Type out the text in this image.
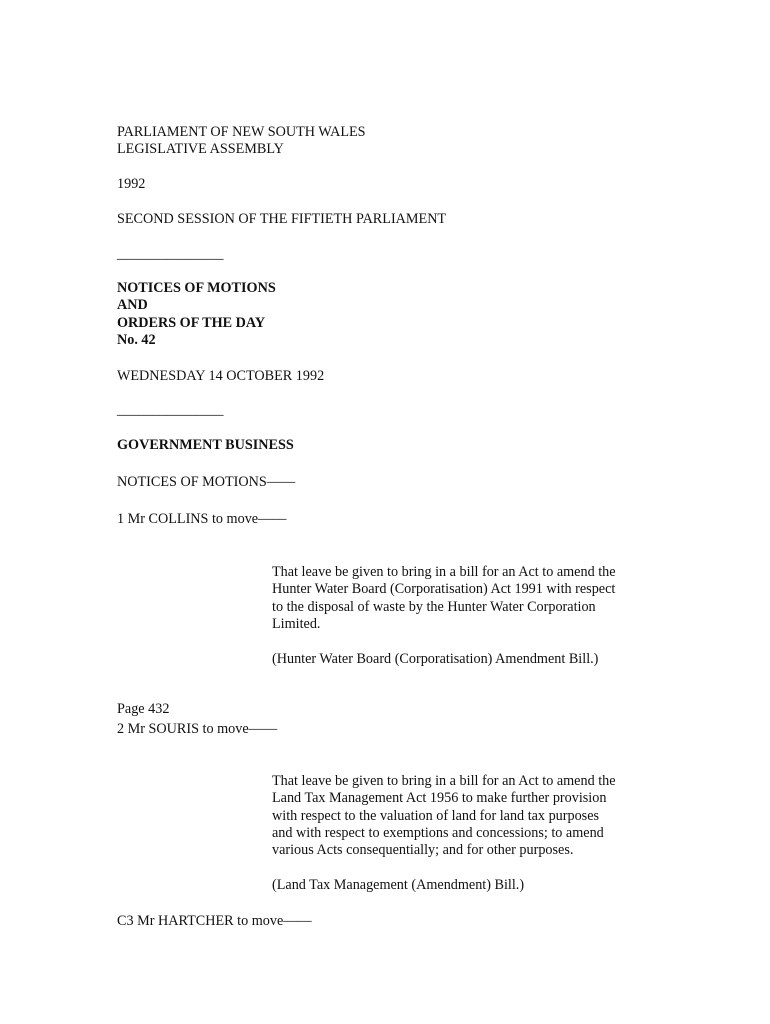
PARLIAMENT OF NEW SOUTH WALES
LEGISLATIVE ASSEMBLY
1992
SECOND SESSION OF THE FIFTIETH PARLIAMENT
_______________
NOTICES OF MOTIONS
AND
ORDERS OF THE DAY
No. 42
WEDNESDAY 14 OCTOBER 1992
_______________
GOVERNMENT BUSINESS
NOTICES OF MOTIONS——
1 Mr COLLINS to move——

That leave be given to bring in a bill for an Act to amend the

Hunter Water Board (Corporatisation) Act 1991 with respect

to the disposal of waste by the Hunter Water Corporation

Limited.

(Hunter Water Board (Corporatisation) Amendment Bill.)
Page 432
2 Mr SOURIS to move——

That leave be given to bring in a bill for an Act to amend the

Land Tax Management Act 1956 to make further provision

with respect to the valuation of land for land tax purposes

and with respect to exemptions and concessions; to amend

various Acts consequentially; and for other purposes.

(Land Tax Management (Amendment) Bill.)
C3 Mr HARTCHER to move——
